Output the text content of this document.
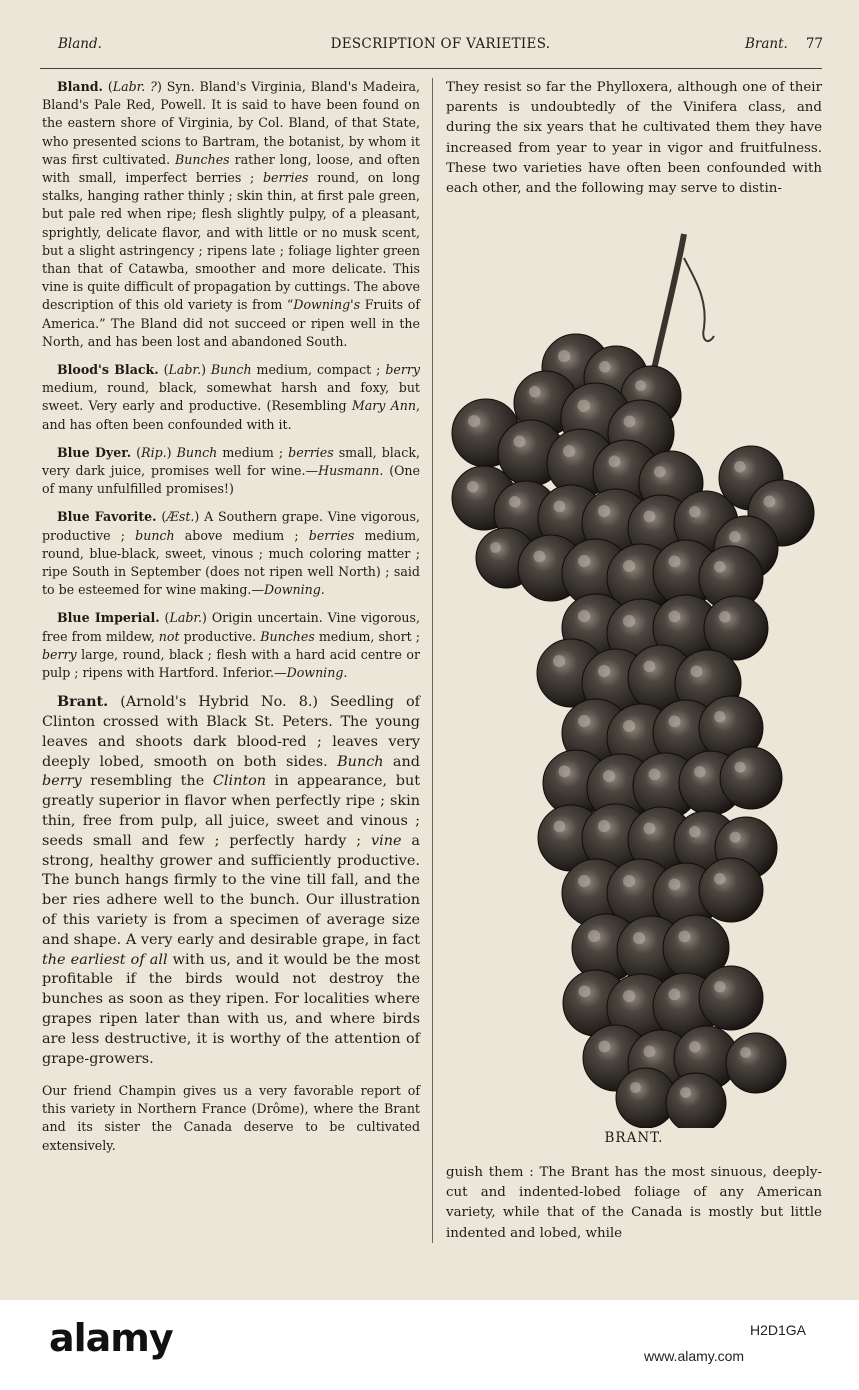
Bland.	DESCRIPTION OF VARIETIES.	Brant. 77

Bland. (Labr. ?) Syn. Bland's Virginia, Bland's Madeira, Bland's Pale Red, Powell. It is said to have been found on the eastern shore of Virginia, by Col. Bland, of that State, who presented scions to Bartram, the botanist, by whom it was first cultivated. Bunches rather long, loose, and often with small, imperfect berries ; berries round, on long stalks, hanging rather thinly ; skin thin, at first pale green, but pale red when ripe; flesh slightly pulpy, of a pleasant, sprightly, delicate flavor, and with little or no musk scent, but a slight astringency ; ripens late ; foliage lighter green than that of Catawba, smoother and more delicate. This vine is quite difficult of propagation by cuttings. The above description of this old variety is from “Downing's Fruits of America.” The Bland did not succeed or ripen well in the North, and has been lost and abandoned South.

Blood's Black. (Labr.) Bunch medium, compact ; berry medium, round, black, somewhat harsh and foxy, but sweet. Very early and productive. (Resembling Mary Ann, and has often been confounded with it.

Blue Dyer. (Rip.) Bunch medium ; berries small, black, very dark juice, promises well for wine.—Husmann. (One of many unfulfilled promises!)

Blue Favorite. (Æst.) A Southern grape. Vine vigorous, productive ; bunch above medium ; berries medium, round, blue-black, sweet, vinous ; much coloring matter ; ripe South in September (does not ripen well North) ; said to be esteemed for wine making.—Downing.

Blue Imperial. (Labr.) Origin uncertain. Vine vigorous, free from mildew, not productive. Bunches medium, short ; berry large, round, black ; flesh with a hard acid centre or pulp ; ripens with Hartford. Inferior.—Downing.

Brant. (Arnold's Hybrid No. 8.) Seedling of Clinton crossed with Black St. Peters. The young leaves and shoots dark blood-red ; leaves very deeply lobed, smooth on both sides. Bunch and berry resembling the Clinton in appearance, but greatly superior in flavor when perfectly ripe ; skin thin, free from pulp, all juice, sweet and vinous ; seeds small and few ; perfectly hardy ; vine a strong, healthy grower and sufficiently productive. The bunch hangs firmly to the vine till fall, and the ber ries adhere well to the bunch. Our illustration of this variety is from a specimen of average size and shape. A very early and desirable grape, in fact the earliest of all with us, and it would be the most profitable if the birds would not destroy the bunches as soon as they ripen. For localities where grapes ripen later than with us, and where birds are less destructive, it is worthy of the attention of grape-growers.

Our friend Champin gives us a very favorable report of this variety in Northern France (Drôme), where the Brant and its sister the Canada deserve to be cultivated extensively.

They resist so far the Phylloxera, although one of their parents is undoubtedly of the Vinifera class, and during the six years that he cultivated them they have increased from year to year in vigor and fruitfulness. These two varieties have often been confounded with each other, and the following may serve to distin-
BRANT.
guish them : The Brant has the most sinuous, deeply-cut and indented-lobed foliage of any American variety, while that of the Canada is mostly but little indented and lobed, while
alamy	H2D1GA
www.alamy.com
